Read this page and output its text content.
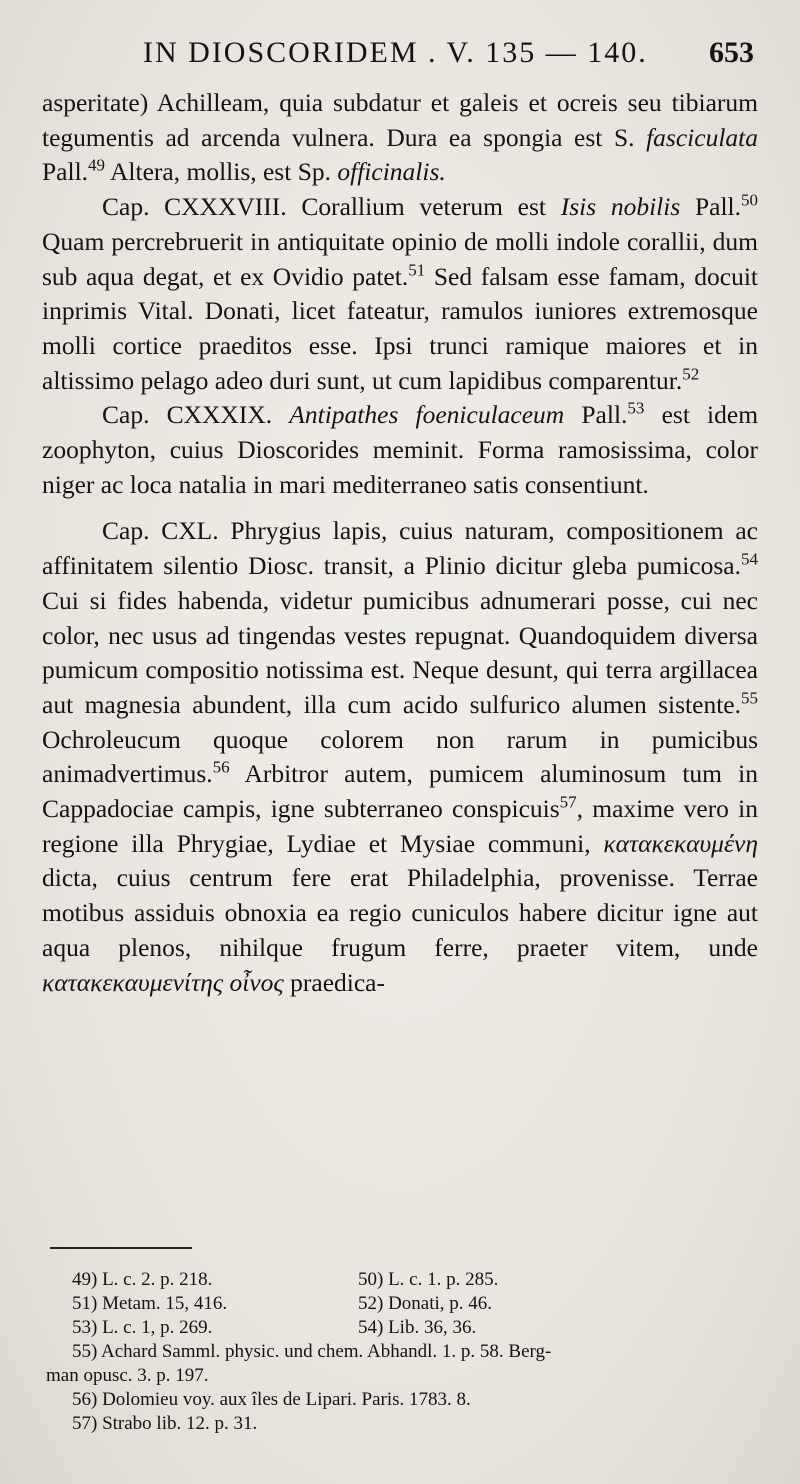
IN DIOSCORIDEM . V. 135 — 140. 653

asperitate) Achilleam, quia subdatur et galeis et ocreis seu tibiarum tegumentis ad arcenda vulnera. Dura ea spongia est S. fasciculata Pall.$^{49}$ Altera, mollis, est Sp. officinalis.

Cap. CXXXVIII. Corallium veterum est Isis nobilis Pall.$^{50}$ Quam percrebruerit in antiquitate opinio de molli indole corallii, dum sub aqua degat, et ex Ovidio patet.$^{51}$ Sed falsam esse famam, docuit inprimis Vital. Donati, licet fateatur, ramulos iuniores extremosque molli cortice praeditos esse. Ipsi trunci ramique maiores et in altissimo pelago adeo duri sunt, ut cum lapidibus comparentur.$^{52}$

Cap. CXXXIX. Antipathes foeniculaceum Pall.$^{53}$ est idem zoophyton, cuius Dioscorides meminit. Forma ramosissima, color niger ac loca natalia in mari mediterraneo satis consentiunt.

Cap. CXL. Phrygius lapis, cuius naturam, compositionem ac affinitatem silentio Diosc. transit, a Plinio dicitur gleba pumicosa.$^{54}$ Cui si fides habenda, videtur pumicibus adnumerari posse, cui nec color, nec usus ad tingendas vestes repugnat. Quandoquidem diversa pumicum compositio notissima est. Neque desunt, qui terra argillacea aut magnesia abundent, illa cum acido sulfurico alumen sistente.$^{55}$ Ochroleucum quoque colorem non rarum in pumicibus animadvertimus.$^{56}$ Arbitror autem, pumicem aluminosum tum in Cappadociae campis, igne subterraneo conspicuis$^{57}$, maxime vero in regione illa Phrygiae, Lydiae et Mysiae communi, κατακεκαυμένη dicta, cuius centrum fere erat Philadelphia, provenisse. Terrae motibus assiduis obnoxia ea regio cuniculos habere dicitur igne aut aqua plenos, nihilque frugum ferre, praeter vitem, unde κατακεκαυμενίτης οἶνος praedica-

49) L. c. 2. p. 218.	50) L. c. 1. p. 285.
51) Metam. 15, 416.	52) Donati, p. 46.
53) L. c. 1, p. 269.	54) Lib. 36, 36.
55) Achard Samml. physic. und chem. Abhandl. 1. p. 58. Berg-
man opusc. 3. p. 197.
56) Dolomieu voy. aux îles de Lipari. Paris. 1783. 8.
57) Strabo lib. 12. p. 31.
